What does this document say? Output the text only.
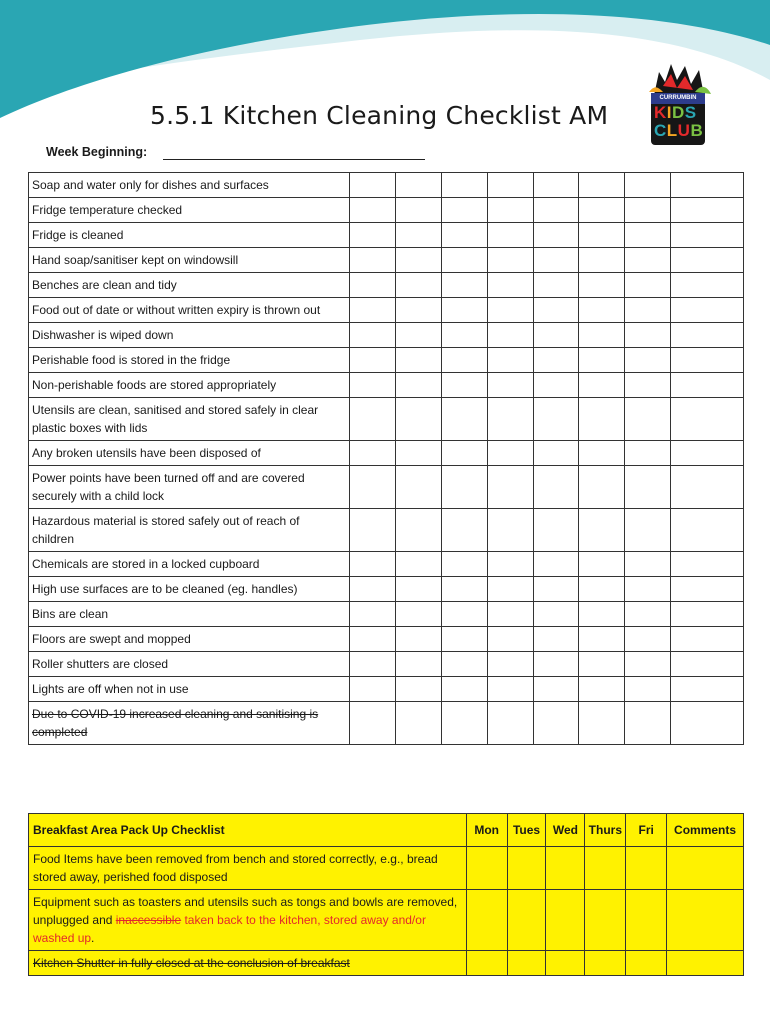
5.5.1 Kitchen Cleaning Checklist AM
Week Beginning:
CURRUMBIN
KIDS
CLUB
Soap and water only for dishes and surfaces								
Fridge temperature checked								
Fridge is cleaned								
Hand soap/sanitiser kept on windowsill								
Benches are clean and tidy								
Food out of date or without written expiry is thrown out								
Dishwasher is wiped down								
Perishable food is stored in the fridge								
Non-perishable foods are stored appropriately								
Utensils are clean, sanitised and stored safely in clear plastic boxes with lids								
Any broken utensils have been disposed of								
Power points have been turned off and are covered securely with a child lock								
Hazardous material is stored safely out of reach of children								
Chemicals are stored in a locked cupboard								
High use surfaces are to be cleaned (eg. handles)								
Bins are clean								
Floors are swept and mopped								
Roller shutters are closed								
Lights are off when not in use								
Due to COVID-19 increased cleaning and sanitising is completed								
Breakfast Area Pack Up Checklist	Mon	Tues	Wed	Thurs	Fri	Comments
Food Items have been removed from bench and stored correctly, e.g., bread stored away, perished food disposed						
Equipment such as toasters and utensils such as tongs and bowls are removed, unplugged and inaccessible taken back to the kitchen, stored away and/or washed up.						
Kitchen Shutter in fully closed at the conclusion of breakfast						
